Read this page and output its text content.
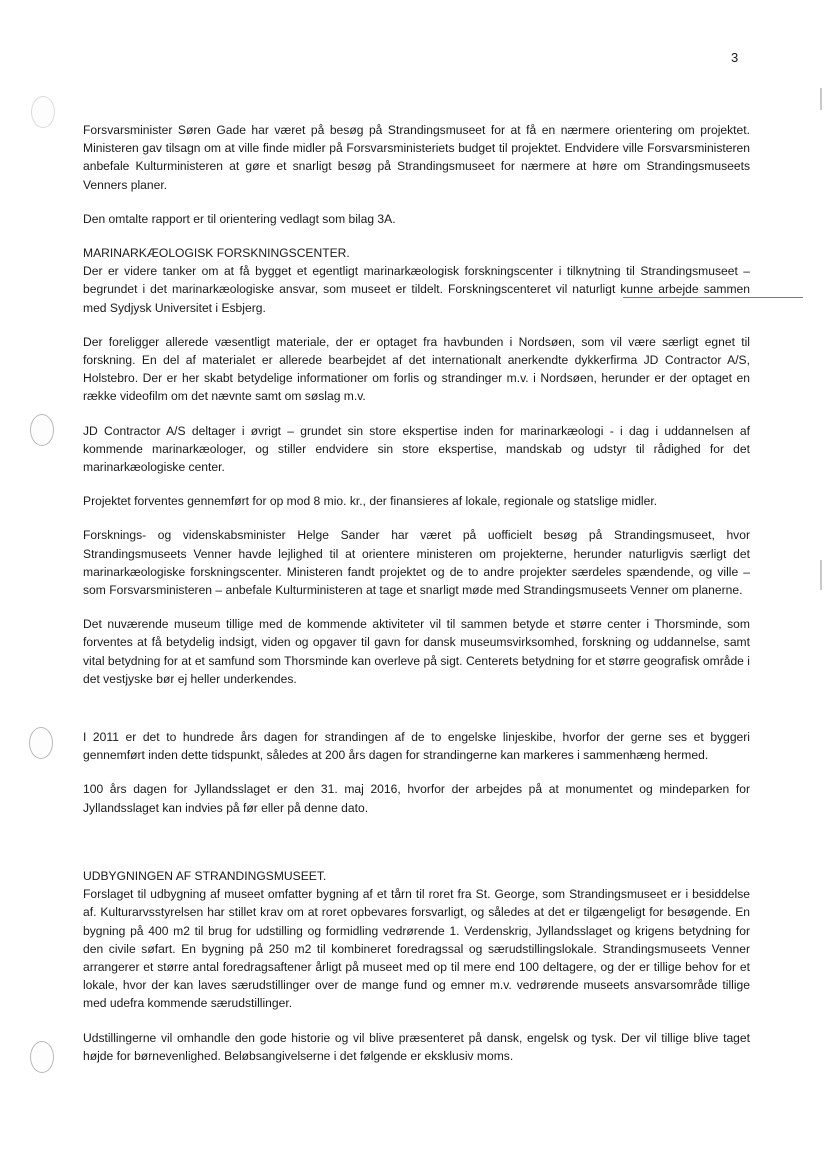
3

Forsvarsminister Søren Gade har været på besøg på Strandingsmuseet for at få en nærmere orientering om projektet. Ministeren gav tilsagn om at ville finde midler på Forsvarsministeriets budget til projektet. Endvidere ville Forsvarsministeren anbefale Kulturministeren at gøre et snarligt besøg på Strandingsmuseet for nærmere at høre om Strandingsmuseets Venners planer.

Den omtalte rapport er til orientering vedlagt som bilag 3A.

MARINARKÆOLOGISK FORSKNINGSCENTER.

Der er videre tanker om at få bygget et egentligt marinarkæologisk forskningscenter i tilknytning til Strandingsmuseet – begrundet i det marinarkæologiske ansvar, som museet er tildelt. Forskningscenteret vil naturligt kunne arbejde sammen med Sydjysk Universitet i Esbjerg.

Der foreligger allerede væsentligt materiale, der er optaget fra havbunden i Nordsøen, som vil være særligt egnet til forskning. En del af materialet er allerede bearbejdet af det internationalt anerkendte dykkerfirma JD Contractor A/S, Holstebro. Der er her skabt betydelige informationer om forlis og strandinger m.v. i Nordsøen, herunder er der optaget en række videofilm om det nævnte samt om søslag m.v.

JD Contractor A/S deltager i øvrigt – grundet sin store ekspertise inden for marinarkæologi - i dag i uddannelsen af kommende marinarkæologer, og stiller endvidere sin store ekspertise, mandskab og udstyr til rådighed for det marinarkæologiske center.

Projektet forventes gennemført for op mod 8 mio. kr., der finansieres af lokale, regionale og statslige midler.

Forsknings- og videnskabsminister Helge Sander har været på uofficielt besøg på Strandingsmuseet, hvor Strandingsmuseets Venner havde lejlighed til at orientere ministeren om projekterne, herunder naturligvis særligt det marinarkæologiske forskningscenter. Ministeren fandt projektet og de to andre projekter særdeles spændende, og ville – som Forsvarsministeren – anbefale Kulturministeren at tage et snarligt møde med Strandingsmuseets Venner om planerne.

Det nuværende museum tillige med de kommende aktiviteter vil til sammen betyde et større center i Thorsminde, som forventes at få betydelig indsigt, viden og opgaver til gavn for dansk museumsvirksomhed, forskning og uddannelse, samt vital betydning for at et samfund som Thorsminde kan overleve på sigt. Centerets betydning for et større geografisk område i det vestjyske bør ej heller underkendes.

I 2011 er det to hundrede års dagen for strandingen af de to engelske linjeskibe, hvorfor der gerne ses et byggeri gennemført inden dette tidspunkt, således at 200 års dagen for strandingerne kan markeres i sammenhæng hermed.

100 års dagen for Jyllandsslaget er den 31. maj 2016, hvorfor der arbejdes på at monumentet og mindeparken for Jyllandsslaget kan indvies på før eller på denne dato.

UDBYGNINGEN AF STRANDINGSMUSEET.

Forslaget til udbygning af museet omfatter bygning af et tårn til roret fra St. George, som Strandingsmuseet er i besiddelse af. Kulturarvsstyrelsen har stillet krav om at roret opbevares forsvarligt, og således at det er tilgængeligt for besøgende. En bygning på 400 m2 til brug for udstilling og formidling vedrørende 1. Verdenskrig, Jyllandsslaget og krigens betydning for den civile søfart. En bygning på 250 m2 til kombineret foredragssal og særudstillingslokale. Strandingsmuseets Venner arrangerer et større antal foredragsaftener årligt på museet med op til mere end 100 deltagere, og der er tillige behov for et lokale, hvor der kan laves særudstillinger over de mange fund og emner m.v. vedrørende museets ansvarsområde tillige med udefra kommende særudstillinger.

Udstillingerne vil omhandle den gode historie og vil blive præsenteret på dansk, engelsk og tysk. Der vil tillige blive taget højde for børnevenlighed. Beløbsangivelserne i det følgende er eksklusiv moms.
